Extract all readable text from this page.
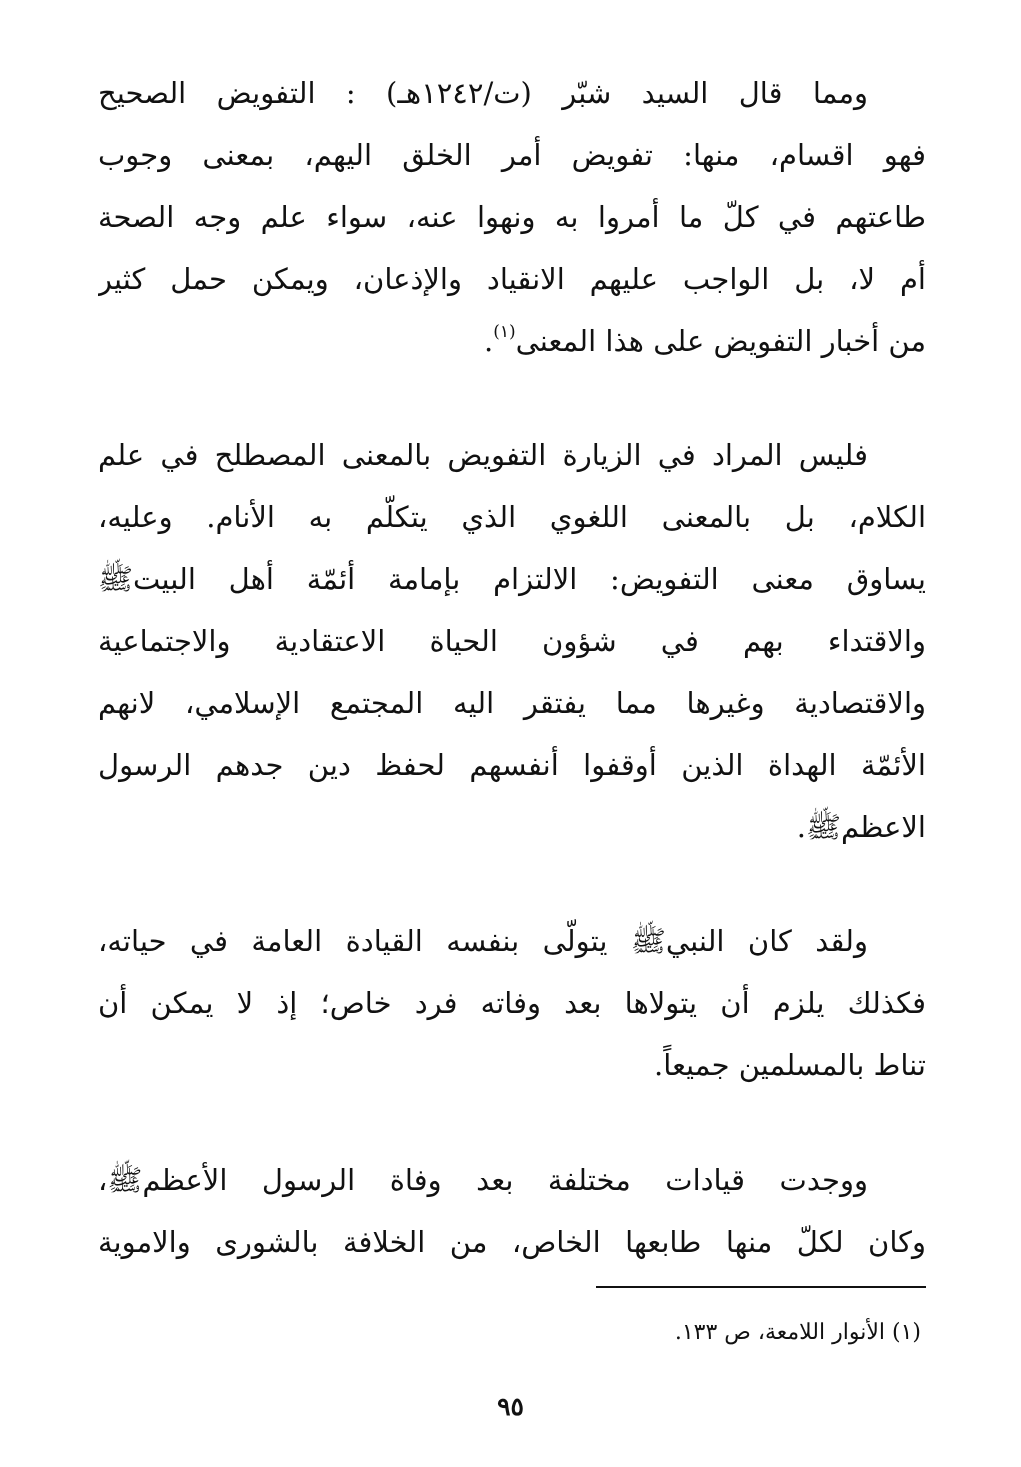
ومما قال السيد شبّر (ت/١٢٤٢هـ) : التفويض الصحيح
فهو اقسام، منها: تفويض أمر الخلق اليهم، بمعنى وجوب
طاعتهم في كلّ ما أمروا به ونهوا عنه، سواء علم وجه الصحة
أم لا، بل الواجب عليهم الانقياد والإذعان، ويمكن حمل كثير
من أخبار التفويض على هذا المعنى$^{(١)}$.

فليس المراد في الزيارة التفويض بالمعنى المصطلح في علم
الكلام، بل بالمعنى اللغوي الذي يتكلّم به الأنام. وعليه،
يساوق معنى التفويض: الالتزام بإمامة أئمّة أهل البيتﷺ
والاقتداء بهم في شؤون الحياة الاعتقادية والاجتماعية
والاقتصادية وغيرها مما يفتقر اليه المجتمع الإسلامي، لانهم
الأئمّة الهداة الذين أوقفوا أنفسهم لحفظ دين جدهم الرسول
الاعظمﷺ.

ولقد كان النبيﷺ يتولّى بنفسه القيادة العامة في حياته،
فكذلك يلزم أن يتولاها بعد وفاته فرد خاص؛ إذ لا يمكن أن
تناط بالمسلمين جميعاً.

ووجدت قيادات مختلفة بعد وفاة الرسول الأعظمﷺ،
وكان لكلّ منها طابعها الخاص، من الخلافة بالشورى والاموية

(١) الأنوار اللامعة، ص ١٣٣.
٩٥
